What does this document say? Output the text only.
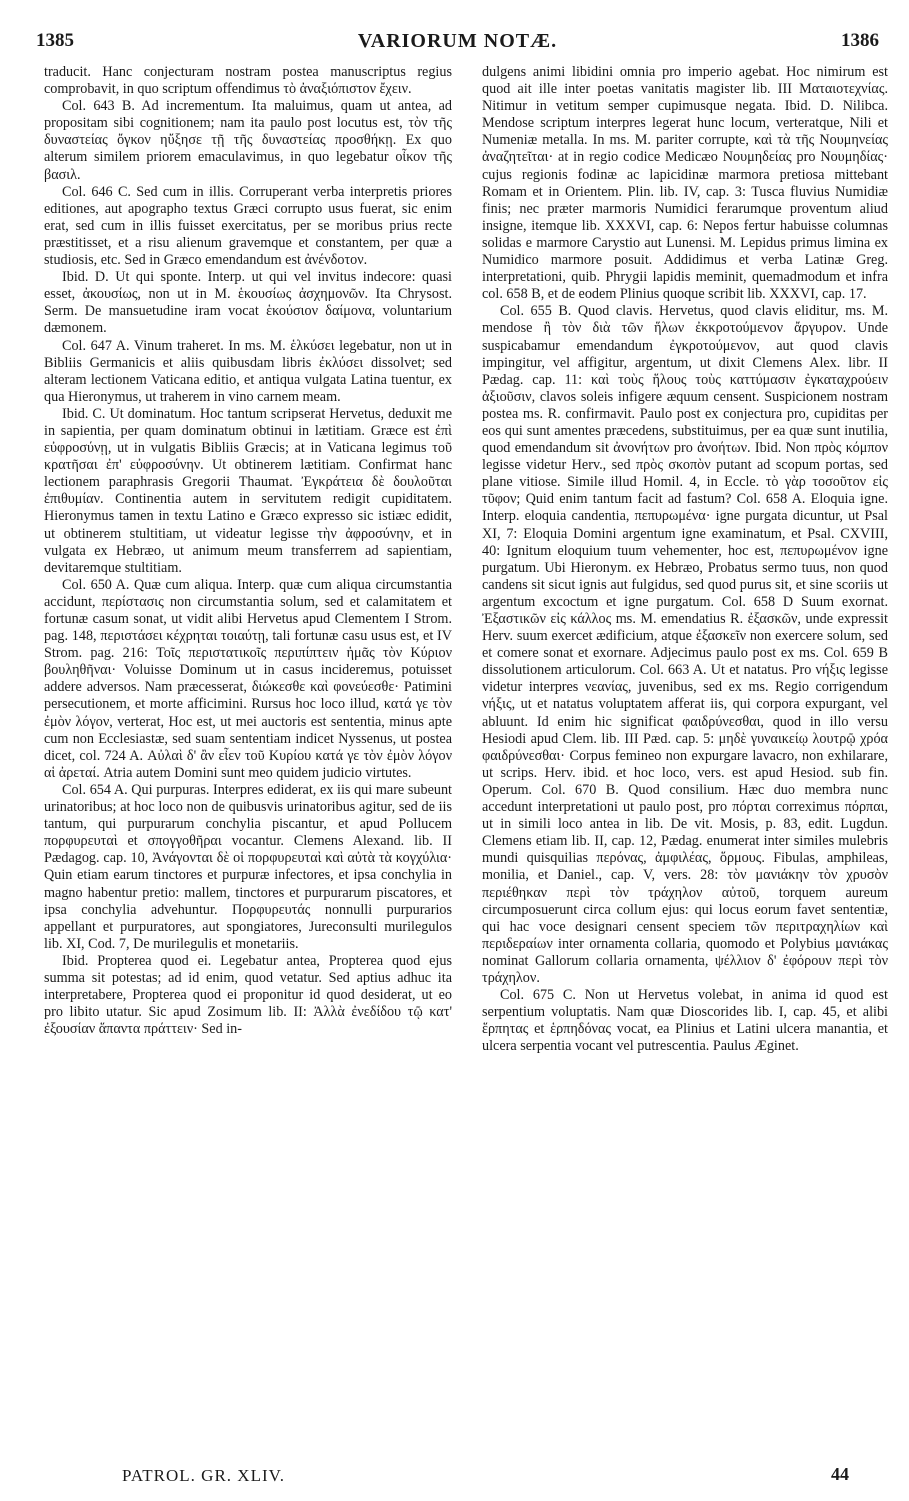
1385	VARIORUM NOTÆ.	1386

traducit. Hanc conjecturam nostram postea manuscriptus regius comprobavit, in quo scriptum offendimus τὸ ἀναξιόπιστον ἔχειν.

Col. 643 B. Ad incrementum. Ita maluimus, quam ut antea, ad propositam sibi cognitionem; nam ita paulo post locutus est, τὸν τῆς δυναστείας ὄγκον ηὔξησε τῇ τῆς δυναστείας προσθήκῃ. Ex quo alterum similem priorem emaculavimus, in quo legebatur οἶκον τῆς βασιλ.

Col. 646 C. Sed cum in illis. Corruperant verba interpretis priores editiones, aut apographo textus Græci corrupto usus fuerat, sic enim erat, sed cum in illis fuisset exercitatus, per se moribus prius recte præstitisset, et a risu alienum gravemque et constantem, per quæ a studiosis, etc. Sed in Græco emendandum est ἀνένδοτον.

Ibid. D. Ut qui sponte. Interp. ut qui vel invitus indecore: quasi esset, ἀκουσίως, non ut in M. ἑκουσίως ἀσχημονῶν. Ita Chrysost. Serm. De mansuetudine iram vocat ἑκούσιον δαίμονα, voluntarium dæmonem.

Col. 647 A. Vinum traheret. In ms. M. ἑλκύσει legebatur, non ut in Bibliis Germanicis et aliis quibusdam libris ἐκλύσει dissolvet; sed alteram lectionem Vaticana editio, et antiqua vulgata Latina tuentur, ex qua Hieronymus, ut traherem in vino carnem meam.

Ibid. C. Ut dominatum. Hoc tantum scripserat Hervetus, deduxit me in sapientia, per quam dominatum obtinui in lætitiam. Græce est ἐπὶ εὐφροσύνῃ, ut in vulgatis Bibliis Græcis; at in Vaticana legimus τοῦ κρατῆσαι ἐπ' εὐφροσύνην. Ut obtinerem lætitiam. Confirmat hanc lectionem paraphrasis Gregorii Thaumat. Ἐγκράτεια δὲ δουλοῦται ἐπιθυμίαν. Continentia autem in servitutem redigit cupiditatem. Hieronymus tamen in textu Latino e Græco expresso sic istiæc edidit, ut obtinerem stultitiam, ut videatur legisse τὴν ἀφροσύνην, et in vulgata ex Hebræo, ut animum meum transferrem ad sapientiam, devitaremque stultitiam.

Col. 650 A. Quæ cum aliqua. Interp. quæ cum aliqua circumstantia accidunt, περίστασις non circumstantia solum, sed et calamitatem et fortunæ casum sonat, ut vidit alibi Hervetus apud Clementem I Strom. pag. 148, περιστάσει κέχρηται τοιαύτῃ, tali fortunæ casu usus est, et IV Strom. pag. 216: Τοῖς περιστατικοῖς περιπίπτειν ἡμᾶς τὸν Κύριον βουληθῆναι· Voluisse Dominum ut in casus incideremus, potuisset addere adversos. Nam præcesserat, διώκεσθε καὶ φονεύεσθε· Patimini persecutionem, et morte afficimini. Rursus hoc loco illud, κατά γε τὸν ἐμὸν λόγον, verterat, Hoc est, ut mei auctoris est sententia, minus apte cum non Ecclesiastæ, sed suam sententiam indicet Nyssenus, ut postea dicet, col. 724 A. Αὐλαὶ δ' ἂν εἶεν τοῦ Κυρίου κατά γε τὸν ἐμὸν λόγον αἱ ἀρεταί. Atria autem Domini sunt meo quidem judicio virtutes.

Col. 654 A. Qui purpuras. Interpres ediderat, ex iis qui mare subeunt urinatoribus; at hoc loco non de quibusvis urinatoribus agitur, sed de iis tantum, qui purpurarum conchylia piscantur, et apud Pollucem πορφυρευταὶ et σπογγοθῆραι vocantur. Clemens Alexand. lib. II Pædagog. cap. 10, Ἀνάγονται δὲ οἱ πορφυρευταὶ καὶ αὐτὰ τὰ κογχύλια· Quin etiam earum tinctores et purpuræ infectores, et ipsa conchylia in magno habentur pretio: mallem, tinctores et purpurarum piscatores, et ipsa conchylia advehuntur. Πορφυρευτάς nonnulli purpurarios appellant et purpuratores, aut spongiatores, Jureconsulti murilegulos lib. XI, Cod. 7, De murilegulis et monetariis.

Ibid. Propterea quod ei. Legebatur antea, Propterea quod ejus summa sit potestas; ad id enim, quod vetatur. Sed aptius adhuc ita interpretabere, Propterea quod ei proponitur id quod desiderat, ut eo pro libito utatur. Sic apud Zosimum lib. II: Ἀλλὰ ἐνεδίδου τῷ κατ' ἐξουσίαν ἅπαντα πράττειν· Sed in-

dulgens animi libidini omnia pro imperio agebat. Hoc nimirum est quod ait ille inter poetas vanitatis magister lib. III Ματαιοτεχνίας. Nitimur in vetitum semper cupimusque negata. Ibid. D. Nilibca. Mendose scriptum interpres legerat hunc locum, verteratque, Nili et Numeniæ metalla. In ms. M. pariter corrupte, καὶ τὰ τῆς Νουμηνείας ἀναζητεῖται· at in regio codice Medicæo Νουμηδείας pro Νουμηδίας· cujus regionis fodinæ ac lapicidinæ marmora pretiosa mittebant Romam et in Orientem. Plin. lib. IV, cap. 3: Tusca fluvius Numidiæ finis; nec præter marmoris Numidici ferarumque proventum aliud insigne, itemque lib. XXXVI, cap. 6: Nepos fertur habuisse columnas solidas e marmore Carystio aut Lunensi. M. Lepidus primus limina ex Numidico marmore posuit. Addidimus et verba Latinæ Greg. interpretationi, quib. Phrygii lapidis meminit, quemadmodum et infra col. 658 B, et de eodem Plinius quoque scribit lib. XXXVI, cap. 17.

Col. 655 B. Quod clavis. Hervetus, quod clavis eliditur, ms. M. mendose ἢ τὸν διὰ τῶν ἥλων ἐκκροτούμενον ἄργυρον. Unde suspicabamur emendandum ἐγκροτούμενον, aut quod clavis impingitur, vel affigitur, argentum, ut dixit Clemens Alex. libr. II Pædag. cap. 11: καὶ τοὺς ἥλους τοὺς καττύμασιν ἐγκαταχρούειν ἀξιοῦσιν, clavos soleis infigere æquum censent. Suspicionem nostram postea ms. R. confirmavit. Paulo post ex conjectura pro, cupiditas per eos qui sunt amentes præcedens, substituimus, per ea quæ sunt inutilia, quod emendandum sit ἀνονήτων pro ἀνοήτων. Ibid. Non πρὸς κόμπον legisse videtur Herv., sed πρὸς σκοπὸν putant ad scopum portas, sed plane vitiose. Simile illud Homil. 4, in Eccle. τὸ γὰρ τοσοῦτον εἰς τῦφον; Quid enim tantum facit ad fastum? Col. 658 A. Eloquia igne. Interp. eloquia candentia, πεπυρωμένα· igne purgata dicuntur, ut Psal XI, 7: Eloquia Domini argentum igne examinatum, et Psal. CXVIII, 40: Ignitum eloquium tuum vehementer, hoc est, πεπυρωμένον igne purgatum. Ubi Hieronym. ex Hebræo, Probatus sermo tuus, non quod candens sit sicut ignis aut fulgidus, sed quod purus sit, et sine scoriis ut argentum excoctum et igne purgatum. Col. 658 D Suum exornat. Ἐξαστικῶν εἰς κάλλος ms. M. emendatius R. ἐξασκῶν, unde expressit Herv. suum exercet ædificium, atque ἐξασκεῖν non exercere solum, sed et comere sonat et exornare. Adjecimus paulo post ex ms. Col. 659 B dissolutionem articulorum. Col. 663 A. Ut et natatus. Pro νήξις legisse videtur interpres νεανίας, juvenibus, sed ex ms. Regio corrigendum νήξις, ut et natatus voluptatem afferat iis, qui corpora expurgant, vel abluunt. Id enim hic significat φαιδρύνεσθαι, quod in illo versu Hesiodi apud Clem. lib. III Pæd. cap. 5: μηδὲ γυναικείῳ λουτρῷ χρόα φαιδρύνεσθαι· Corpus femineo non expurgare lavacro, non exhilarare, ut scrips. Herv. ibid. et hoc loco, vers. est apud Hesiod. sub fin. Operum. Col. 670 B. Quod consilium. Hæc duo membra nunc accedunt interpretationi ut paulo post, pro πόρται correximus πόρπαι, ut in simili loco antea in lib. De vit. Mosis, p. 83, edit. Lugdun. Clemens etiam lib. II, cap. 12, Pædag. enumerat inter similes mulebris mundi quisquilias περόνας, ἀμφιλέας, ὅρμους. Fibulas, amphileas, monilia, et Daniel., cap. V, vers. 28: τὸν μανιάκην τὸν χρυσὸν περιέθηκαν περὶ τὸν τράχηλον αὐτοῦ, torquem aureum circumposuerunt circa collum ejus: qui locus eorum favet sententiæ, qui hac voce designari censent speciem τῶν περιτραχηλίων καὶ περιδεραίων inter ornamenta collaria, quomodo et Polybius μανιάκας nominat Gallorum collaria ornamenta, ψέλλιον δ' ἐφόρουν περὶ τὸν τράχηλον.

Col. 675 C. Non ut Hervetus volebat, in anima id quod est serpentium voluptatis. Nam quæ Dioscorides lib. I, cap. 45, et alibi ἕρπητας et ἑρπηδόνας vocat, ea Plinius et Latini ulcera manantia, et ulcera serpentia vocant vel putrescentia. Paulus Æginet.

PATROL. GR. XLIV.	44
